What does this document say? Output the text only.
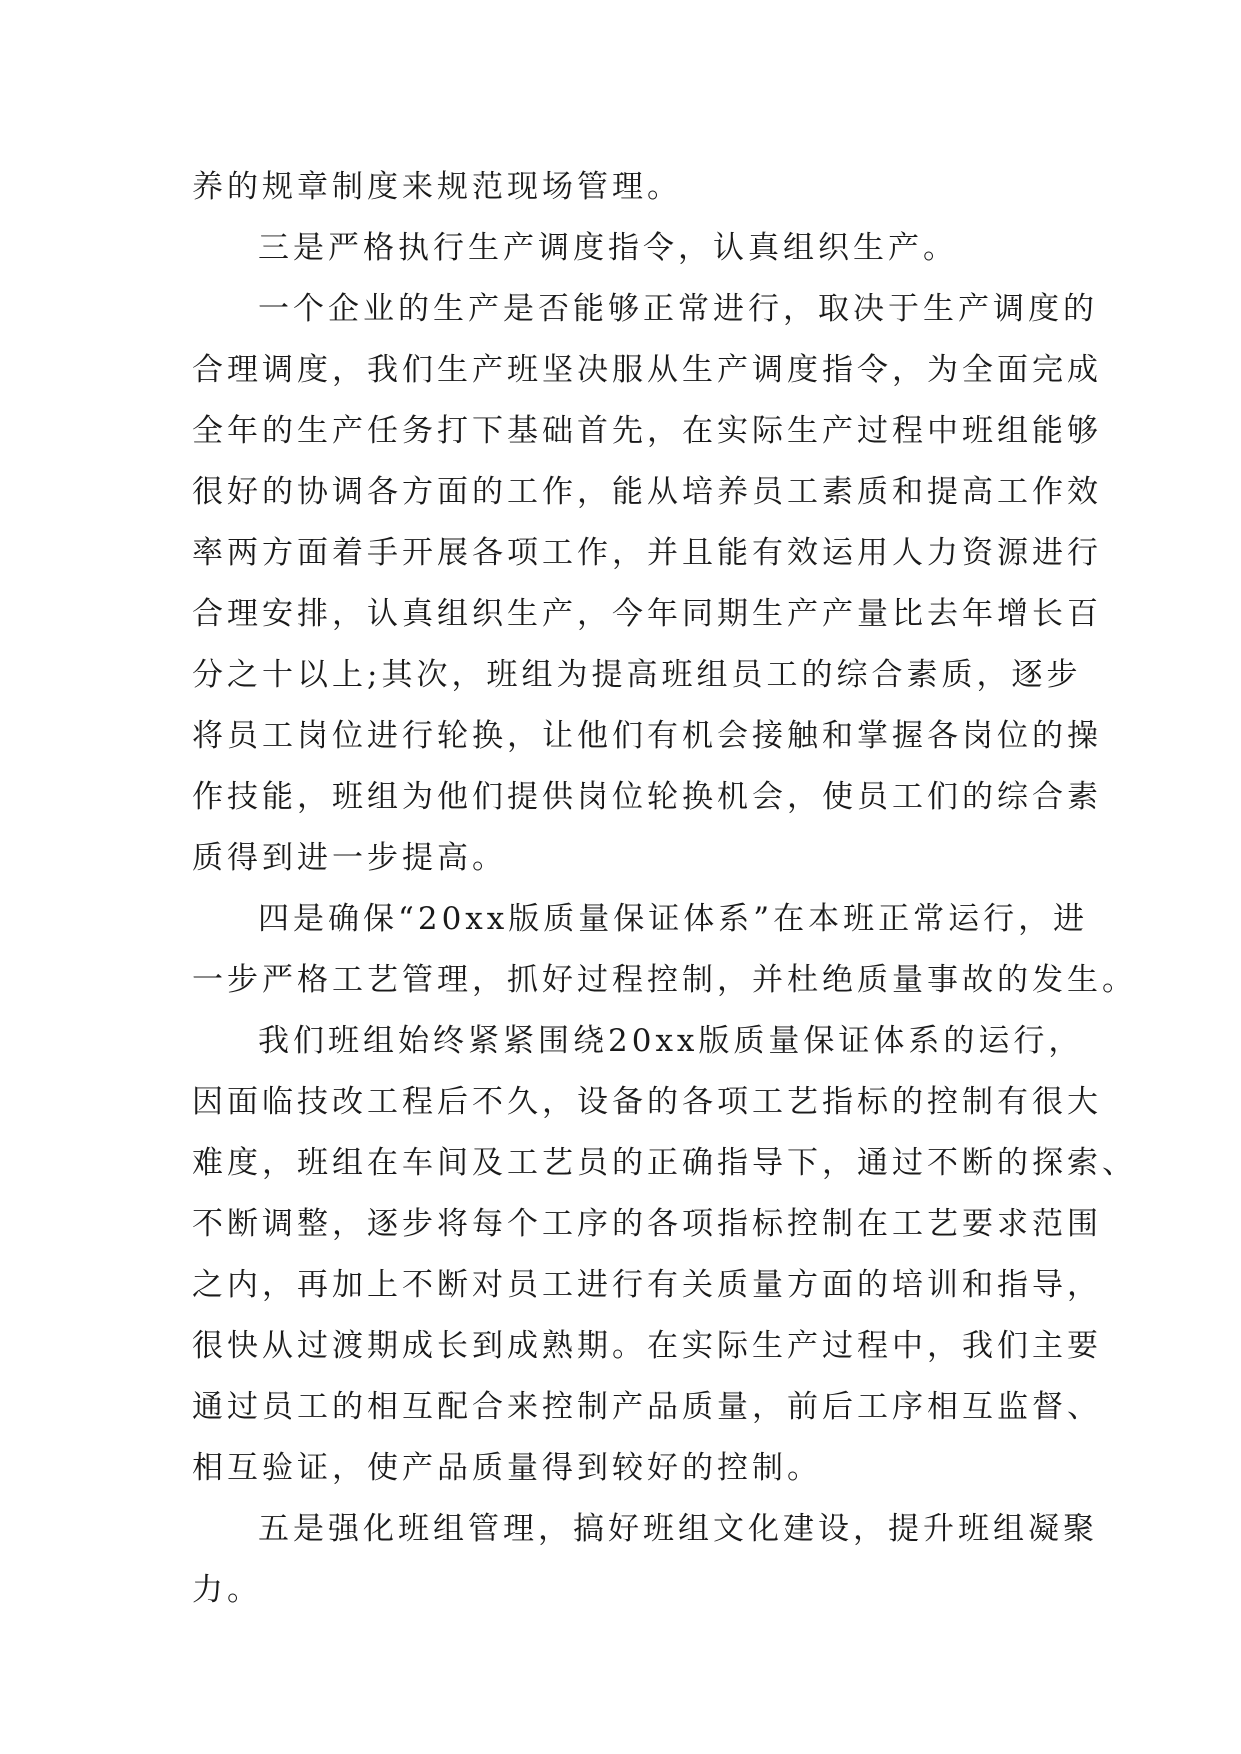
养的规章制度来规范现场管理。
三是严格执行生产调度指令，认真组织生产。
一个企业的生产是否能够正常进行，取决于生产调度的
合理调度，我们生产班坚决服从生产调度指令，为全面完成
全年的生产任务打下基础首先，在实际生产过程中班组能够
很好的协调各方面的工作，能从培养员工素质和提高工作效
率两方面着手开展各项工作，并且能有效运用人力资源进行
合理安排，认真组织生产，今年同期生产产量比去年增长百
分之十以上;其次，班组为提高班组员工的综合素质，逐步
将员工岗位进行轮换，让他们有机会接触和掌握各岗位的操
作技能，班组为他们提供岗位轮换机会，使员工们的综合素
质得到进一步提高。
四是确保“20xx版质量保证体系”在本班正常运行，进
一步严格工艺管理，抓好过程控制，并杜绝质量事故的发生。
我们班组始终紧紧围绕20xx版质量保证体系的运行，
因面临技改工程后不久，设备的各项工艺指标的控制有很大
难度，班组在车间及工艺员的正确指导下，通过不断的探索、
不断调整，逐步将每个工序的各项指标控制在工艺要求范围
之内，再加上不断对员工进行有关质量方面的培训和指导，
很快从过渡期成长到成熟期。在实际生产过程中，我们主要
通过员工的相互配合来控制产品质量，前后工序相互监督、
相互验证，使产品质量得到较好的控制。
五是强化班组管理，搞好班组文化建设，提升班组凝聚
力。
